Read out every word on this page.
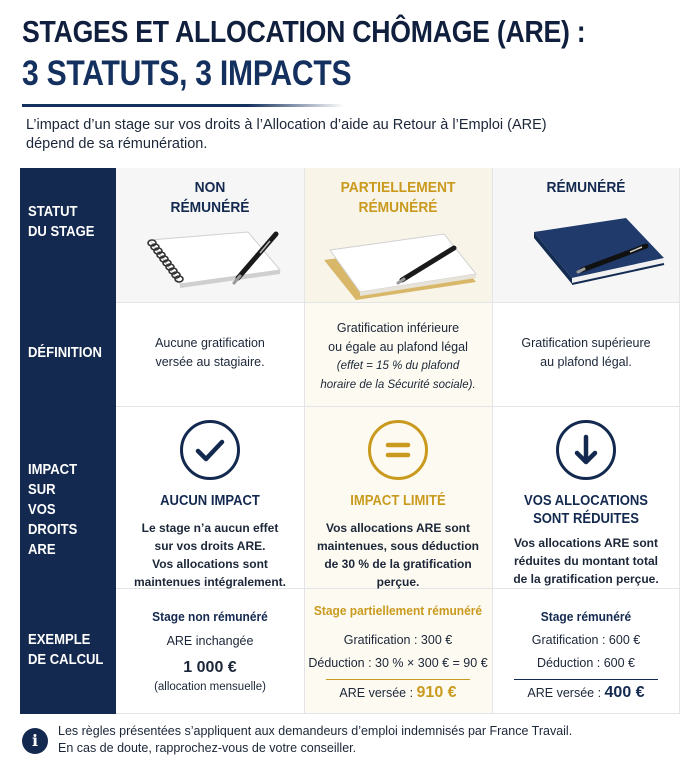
STAGES ET ALLOCATION CHÔMAGE (ARE) :
3 STATUTS, 3 IMPACTS
L’impact d’un stage sur vos droits à l’Allocation d’aide au Retour à l’Emploi (ARE)
dépend de sa rémunération.
STATUT
DU STAGE
DÉFINITION
IMPACT SUR
VOS DROITS
ARE
EXEMPLE
DE CALCUL
NON
RÉMUNÉRÉ
PARTIELLEMENT
RÉMUNÉRÉ
RÉMUNÉRÉ
Aucune gratification
versée au stagiaire.
Gratification inférieure
ou égale au plafond légal
(effet = 15 % du plafond
horaire de la Sécurité sociale).
Gratification supérieure
au plafond légal.
AUCUN IMPACT
Le stage n’a aucun effet
sur vos droits ARE.
Vos allocations sont
maintenues intégralement.
IMPACT LIMITÉ
Vos allocations ARE sont
maintenues, sous déduction
de 30 % de la gratification
perçue.
VOS ALLOCATIONS
SONT RÉDUITES
Vos allocations ARE sont
réduites du montant total
de la gratification perçue.
Stage non rémunéré
ARE inchangée
1 000 €
(allocation mensuelle)
Stage partiellement rémunéré
Gratification : 300 €
Déduction : 30 % × 300 € = 90 €
ARE versée : 910 €
Stage rémunéré
Gratification : 600 €
Déduction : 600 €
ARE versée : 400 €
i	Les règles présentées s’appliquent aux demandeurs d’emploi indemnisés par France Travail.
En cas de doute, rapprochez-vous de votre conseiller.
